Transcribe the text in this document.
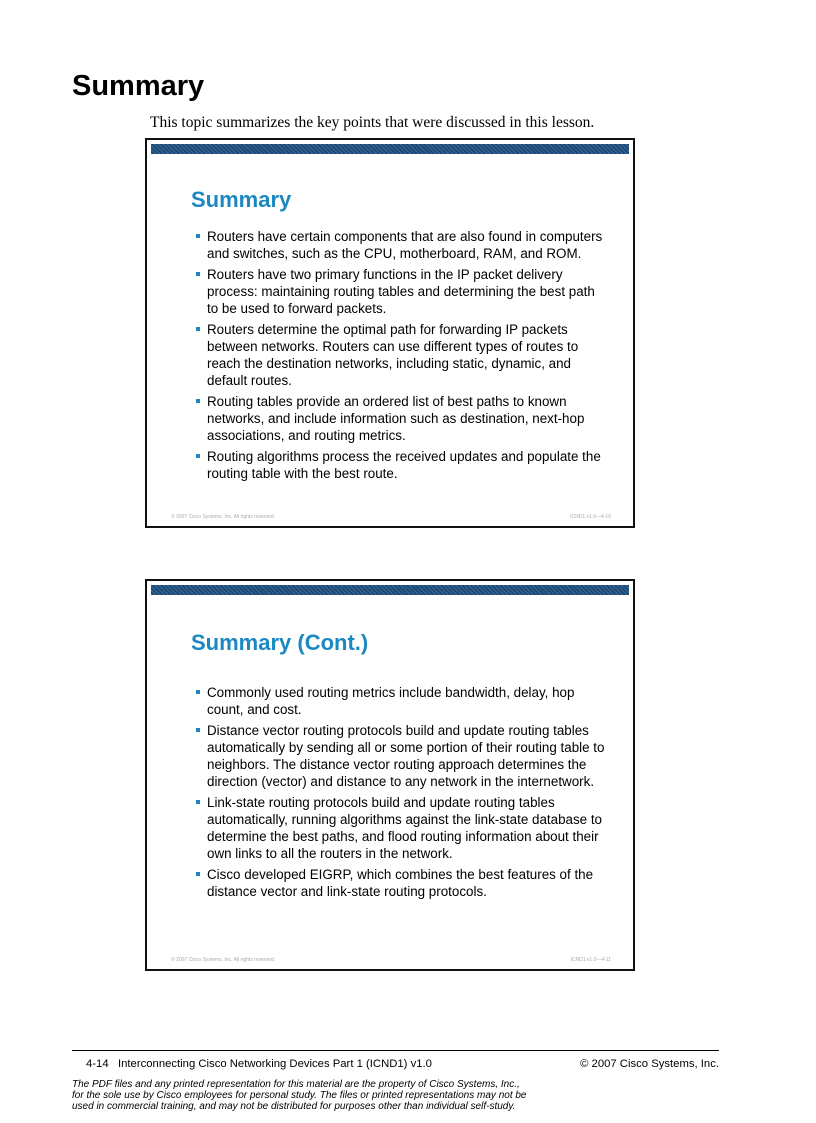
Summary

This topic summarizes the key points that were discussed in this lesson.

Summary
Routers have certain components that are also found in computers and switches, such as the CPU, motherboard, RAM, and ROM.
Routers have two primary functions in the IP packet delivery process: maintaining routing tables and determining the best path to be used to forward packets.
Routers determine the optimal path for forwarding IP packets between networks. Routers can use different types of routes to reach the destination networks, including static, dynamic, and default routes.
Routing tables provide an ordered list of best paths to known networks, and include information such as destination, next-hop associations, and routing metrics.
Routing algorithms process the received updates and populate the routing table with the best route.

© 2007 Cisco Systems, Inc. All rights reserved.	ICND1 v1.0—4-10

Summary (Cont.)
Commonly used routing metrics include bandwidth, delay, hop count, and cost.
Distance vector routing protocols build and update routing tables automatically by sending all or some portion of their routing table to neighbors. The distance vector routing approach determines the direction (vector) and distance to any network in the internetwork.
Link-state routing protocols build and update routing tables automatically, running algorithms against the link-state database to determine the best paths, and flood routing information about their own links to all the routers in the network.
Cisco developed EIGRP, which combines the best features of the distance vector and link-state routing protocols.

© 2007 Cisco Systems, Inc. All rights reserved.	ICND1 v1.0—4-11

4-14 Interconnecting Cisco Networking Devices Part 1 (ICND1) v1.0	© 2007 Cisco Systems, Inc.

The PDF files and any printed representation for this material are the property of Cisco Systems, Inc.,
for the sole use by Cisco employees for personal study. The files or printed representations may not be
used in commercial training, and may not be distributed for purposes other than individual self-study.
